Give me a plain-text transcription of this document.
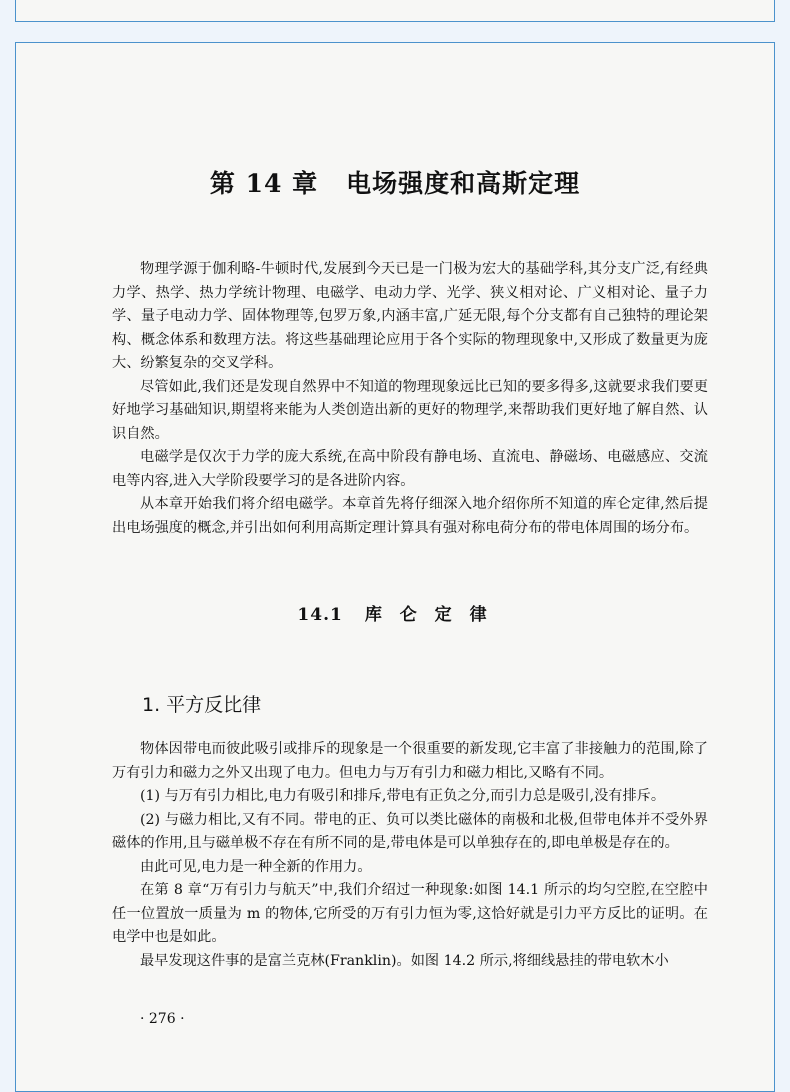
第 14 章 电场强度和高斯定理

物理学源于伽利略-牛顿时代,发展到今天已是一门极为宏大的基础学科,其分支广泛,有经典力学、热学、热力学统计物理、电磁学、电动力学、光学、狭义相对论、广义相对论、量子力学、量子电动力学、固体物理等,包罗万象,内涵丰富,广延无限,每个分支都有自己独特的理论架构、概念体系和数理方法。将这些基础理论应用于各个实际的物理现象中,又形成了数量更为庞大、纷繁复杂的交叉学科。

尽管如此,我们还是发现自然界中不知道的物理现象远比已知的要多得多,这就要求我们要更好地学习基础知识,期望将来能为人类创造出新的更好的物理学,来帮助我们更好地了解自然、认识自然。

电磁学是仅次于力学的庞大系统,在高中阶段有静电场、直流电、静磁场、电磁感应、交流电等内容,进入大学阶段要学习的是各进阶内容。

从本章开始我们将介绍电磁学。本章首先将仔细深入地介绍你所不知道的库仑定律,然后提出电场强度的概念,并引出如何利用高斯定理计算具有强对称电荷分布的带电体周围的场分布。

14.1 库 仑 定 律
1. 平方反比律

物体因带电而彼此吸引或排斥的现象是一个很重要的新发现,它丰富了非接触力的范围,除了万有引力和磁力之外又出现了电力。但电力与万有引力和磁力相比,又略有不同。

(1) 与万有引力相比,电力有吸引和排斥,带电有正负之分,而引力总是吸引,没有排斥。

(2) 与磁力相比,又有不同。带电的正、负可以类比磁体的南极和北极,但带电体并不受外界磁体的作用,且与磁单极不存在有所不同的是,带电体是可以单独存在的,即电单极是存在的。

由此可见,电力是一种全新的作用力。

在第 8 章“万有引力与航天”中,我们介绍过一种现象:如图 14.1 所示的均匀空腔,在空腔中任一位置放一质量为 m 的物体,它所受的万有引力恒为零,这恰好就是引力平方反比的证明。在电学中也是如此。

最早发现这件事的是富兰克林(Franklin)。如图 14.2 所示,将细线悬挂的带电软木小

· 276 ·
